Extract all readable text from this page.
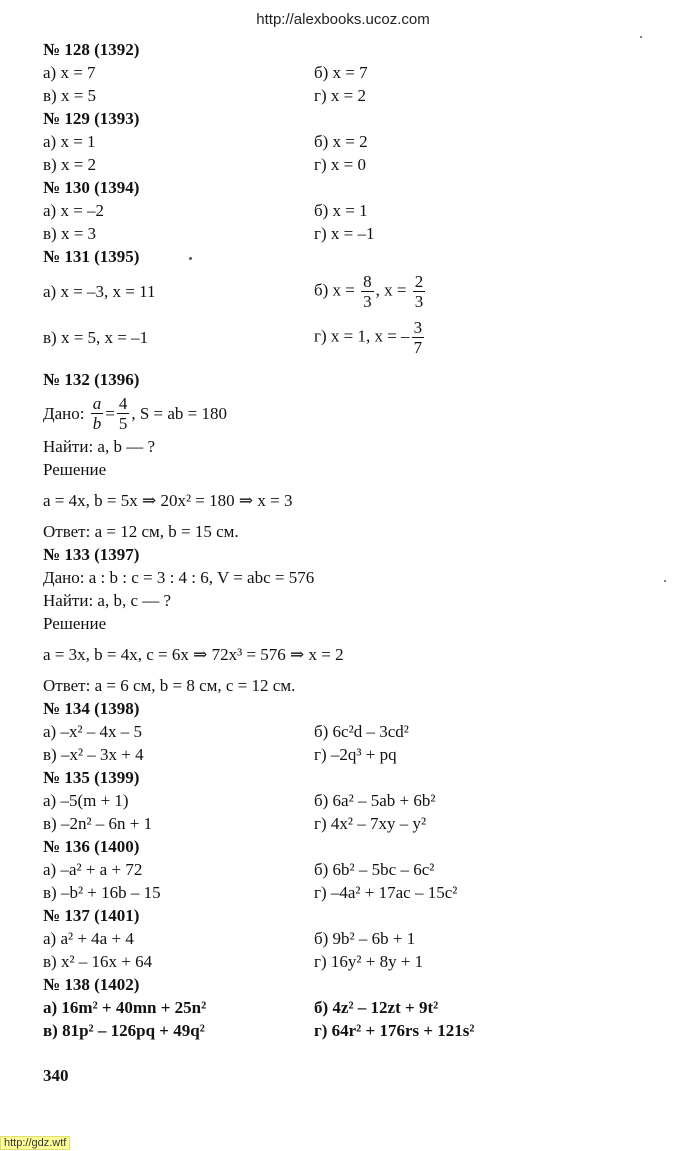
http://alexbooks.ucoz.com
№ 128 (1392)
а) x = 7	б) x = 7
в) x = 5	г) x = 2
№ 129 (1393)
а) x = 1	б) x = 2
в) x = 2	г) x = 0
№ 130 (1394)
а) x = –2	б) x = 1
в) x = 3	г) x = –1
№ 131 (1395)
а) x = –3, x = 11	б) $x = \frac{8}{3}$ , $x = \frac{2}{3}$
в) x = 5, x = –1	г) x = 1, x = – $\frac{3}{7}$
№ 132 (1396)
Дано:
$\frac{a}{b} = \frac{4}{5}$ , S = ab = 180
Найти: a, b — ?
Решение
a = 4x, b = 5x ⇒ 20x² = 180 ⇒ x = 3
Ответ: a = 12 см, b = 15 см.
№ 133 (1397)
Дано: a : b : c = 3 : 4 : 6, V = abc = 576
Найти: a, b, c — ?
Решение
a = 3x, b = 4x, c = 6x ⇒ 72x³ = 576 ⇒ x = 2
Ответ: a = 6 см, b = 8 см, c = 12 см.
№ 134 (1398)
а) –x² – 4x – 5	б) 6c²d – 3cd²
в) –x² – 3x + 4	г) –2q³ + pq
№ 135 (1399)
а) –5(m + 1)	б) 6a² – 5ab + 6b²
в) –2n² – 6n + 1	г) 4x² – 7xy – y²
№ 136 (1400)
а) –a² + a + 72	б) 6b² – 5bc – 6c²
в) –b² + 16b – 15	г) –4a² + 17ac – 15c²
№ 137 (1401)
а) a² + 4a + 4	б) 9b² – 6b + 1
в) x² – 16x + 64	г) 16y² + 8y + 1
№ 138 (1402)
а) 16m² + 40mn + 25n²	б) 4z² – 12zt + 9t²
в) 81p² – 126pq + 49q²	г) 64r² + 176rs + 121s²
340
http://gdz.wtf
